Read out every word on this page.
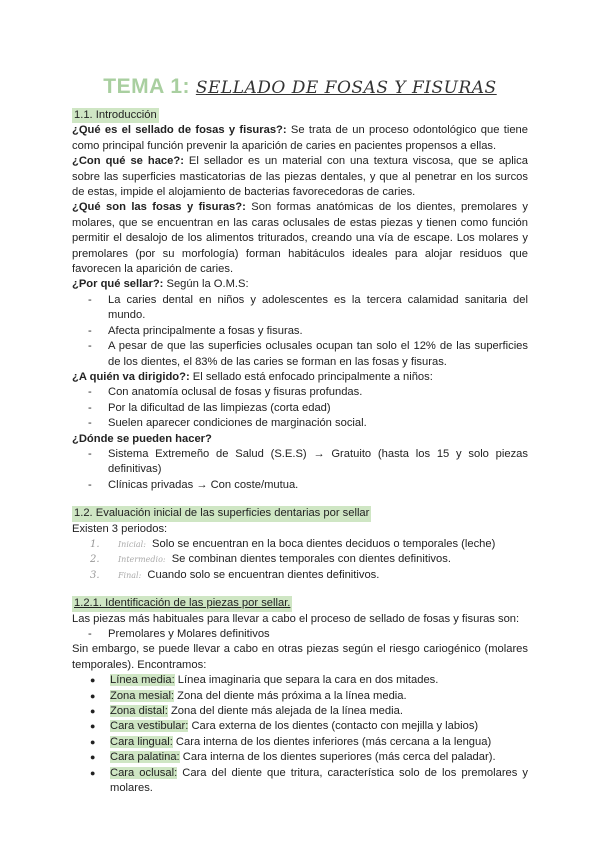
TEMA 1: SELLADO DE FOSAS Y FISURAS
1.1. Introducción

¿Qué es el sellado de fosas y fisuras?: Se trata de un proceso odontológico que tiene como principal función prevenir la aparición de caries en pacientes propensos a ellas.

¿Con qué se hace?: El sellador es un material con una textura viscosa, que se aplica sobre las superficies masticatorias de las piezas dentales, y que al penetrar en los surcos de estas, impide el alojamiento de bacterias favorecedoras de caries.

¿Qué son las fosas y fisuras?: Son formas anatómicas de los dientes, premolares y molares, que se encuentran en las caras oclusales de estas piezas y tienen como función permitir el desalojo de los alimentos triturados, creando una vía de escape. Los molares y premolares (por su morfología) forman habitáculos ideales para alojar residuos que favorecen la aparición de caries.

¿Por qué sellar?: Según la O.M.S:

- La caries dental en niños y adolescentes es la tercera calamidad sanitaria del mundo.
- Afecta principalmente a fosas y fisuras.
- A pesar de que las superficies oclusales ocupan tan solo el 12% de las superficies de los dientes, el 83% de las caries se forman en las fosas y fisuras.

¿A quién va dirigido?: El sellado está enfocado principalmente a niños:

- Con anatomía oclusal de fosas y fisuras profundas.
- Por la dificultad de las limpiezas (corta edad)
- Suelen aparecer condiciones de marginación social.

¿Dónde se pueden hacer?

- Sistema Extremeño de Salud (S.E.S) → Gratuito (hasta los 15 y solo piezas definitivas)
- Clínicas privadas → Con coste/mutua.
1.2. Evaluación inicial de las superficies dentarias por sellar

Existen 3 periodos:

1. Inicial: Solo se encuentran en la boca dientes deciduos o temporales (leche)
2. Intermedio: Se combinan dientes temporales con dientes definitivos.
3. Final: Cuando solo se encuentran dientes definitivos.
1.2.1. Identificación de las piezas por sellar.

Las piezas más habituales para llevar a cabo el proceso de sellado de fosas y fisuras son:

- Premolares y Molares definitivos

Sin embargo, se puede llevar a cabo en otras piezas según el riesgo cariogénico (molares temporales). Encontramos:

● Línea media: Línea imaginaria que separa la cara en dos mitades.
● Zona mesial: Zona del diente más próxima a la línea media.
● Zona distal: Zona del diente más alejada de la línea media.
● Cara vestibular: Cara externa de los dientes (contacto con mejilla y labios)
● Cara lingual: Cara interna de los dientes inferiores (más cercana a la lengua)
● Cara palatina: Cara interna de los dientes superiores (más cerca del paladar).
● Cara oclusal: Cara del diente que tritura, característica solo de los premolares y molares.
